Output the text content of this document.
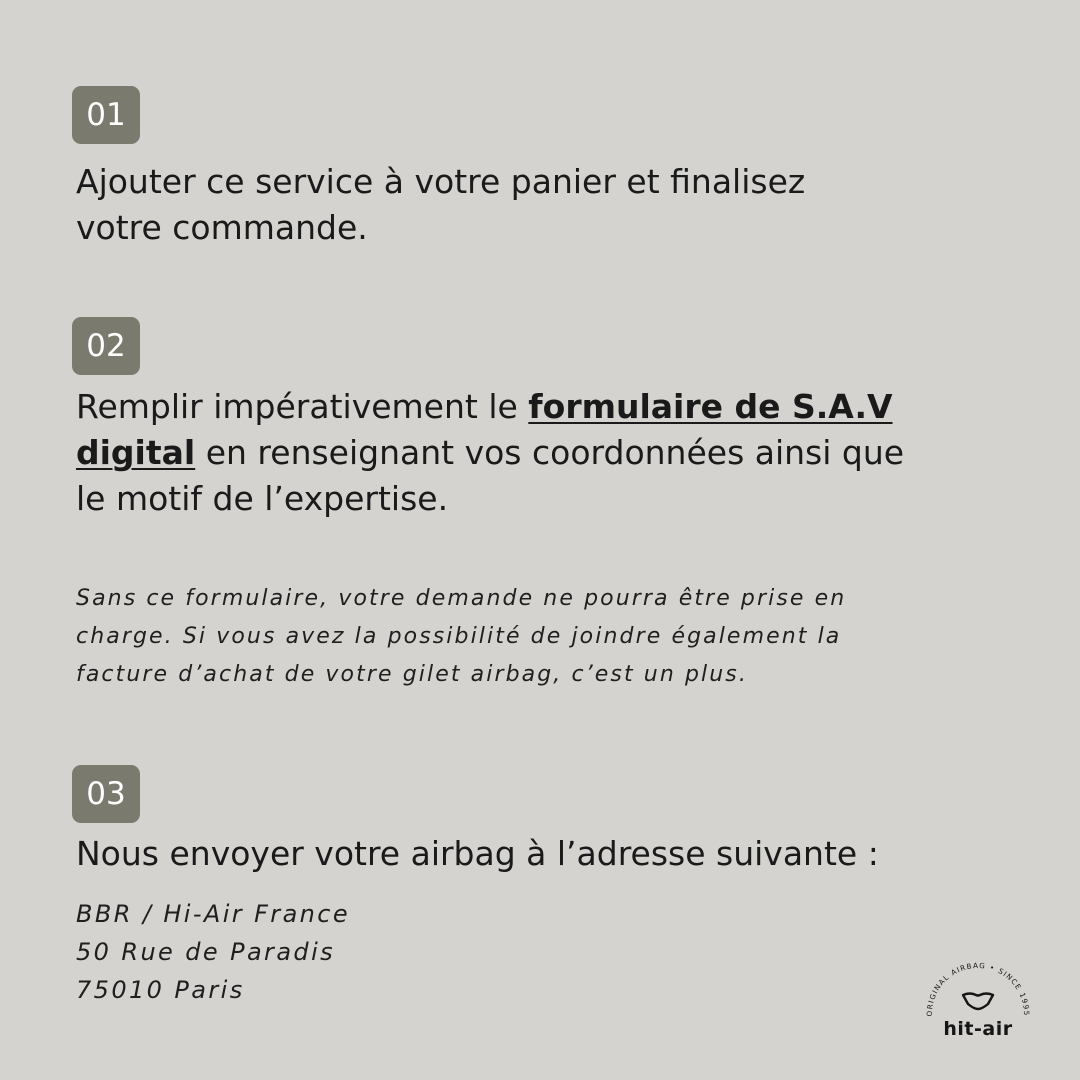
01
Ajouter ce service à votre panier et finalisez
votre commande.
02
Remplir impérativement le formulaire de S.A.V
digital en renseignant vos coordonnées ainsi que
le motif de l’expertise.
Sans ce formulaire, votre demande ne pourra être prise en
charge. Si vous avez la possibilité de joindre également la
facture d’achat de votre gilet airbag, c’est un plus.
03
Nous envoyer votre airbag à l’adresse suivante :
BBR / Hi-Air France
50 Rue de Paradis
75010 Paris
ORIGINAL AIRBAG • SINCE 1995
hit-air
